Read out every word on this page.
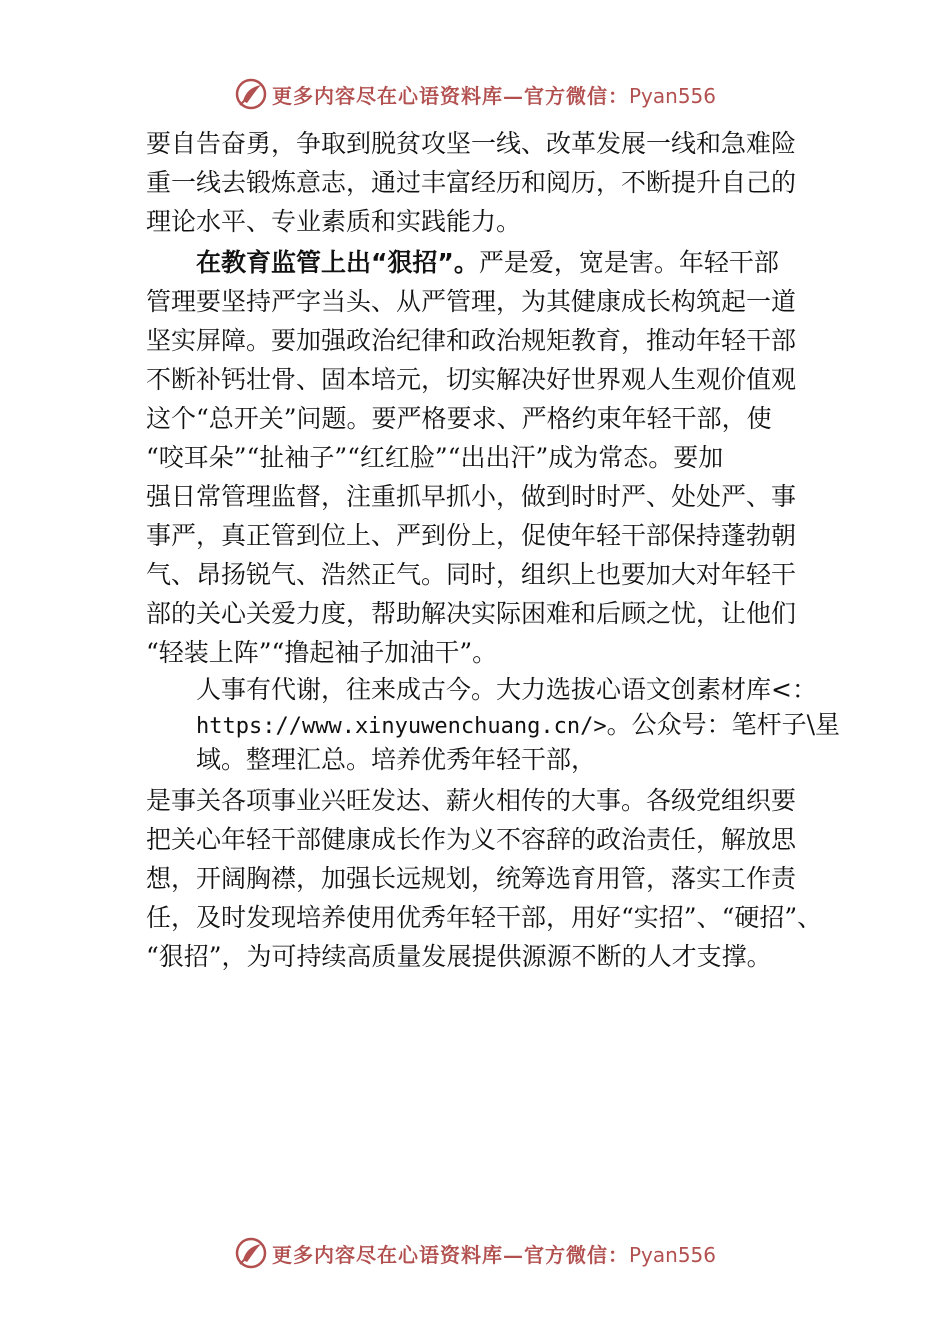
更多内容尽在心语资料库—官方微信：Pyan556
要自告奋勇，争取到脱贫攻坚一线、改革发展一线和急难险
重一线去锻炼意志，通过丰富经历和阅历，不断提升自己的
理论水平、专业素质和实践能力。
在教育监管上出“狠招”。严是爱，宽是害。年轻干部
管理要坚持严字当头、从严管理，为其健康成长构筑起一道
坚实屏障。要加强政治纪律和政治规矩教育，推动年轻干部
不断补钙壮骨、固本培元，切实解决好世界观人生观价值观
这个“总开关”问题。要严格要求、严格约束年轻干部，使
“咬耳朵”“扯袖子”“红红脸”“出出汗”成为常态。要加
强日常管理监督，注重抓早抓小，做到时时严、处处严、事
事严，真正管到位上、严到份上，促使年轻干部保持蓬勃朝
气、昂扬锐气、浩然正气。同时，组织上也要加大对年轻干
部的关心关爱力度，帮助解决实际困难和后顾之忧，让他们
“轻装上阵”“撸起袖子加油干”。
人事有代谢，往来成古今。大力选拔心语文创素材库<：
https://www.xinyuwenchuang.cn/>。公众号：笔杆子\星
域。整理汇总。培养优秀年轻干部，
是事关各项事业兴旺发达、薪火相传的大事。各级党组织要
把关心年轻干部健康成长作为义不容辞的政治责任，解放思
想，开阔胸襟，加强长远规划，统筹选育用管，落实工作责
任，及时发现培养使用优秀年轻干部，用好“实招”、“硬招”、
“狠招”，为可持续高质量发展提供源源不断的人才支撑。
更多内容尽在心语资料库—官方微信：Pyan556
